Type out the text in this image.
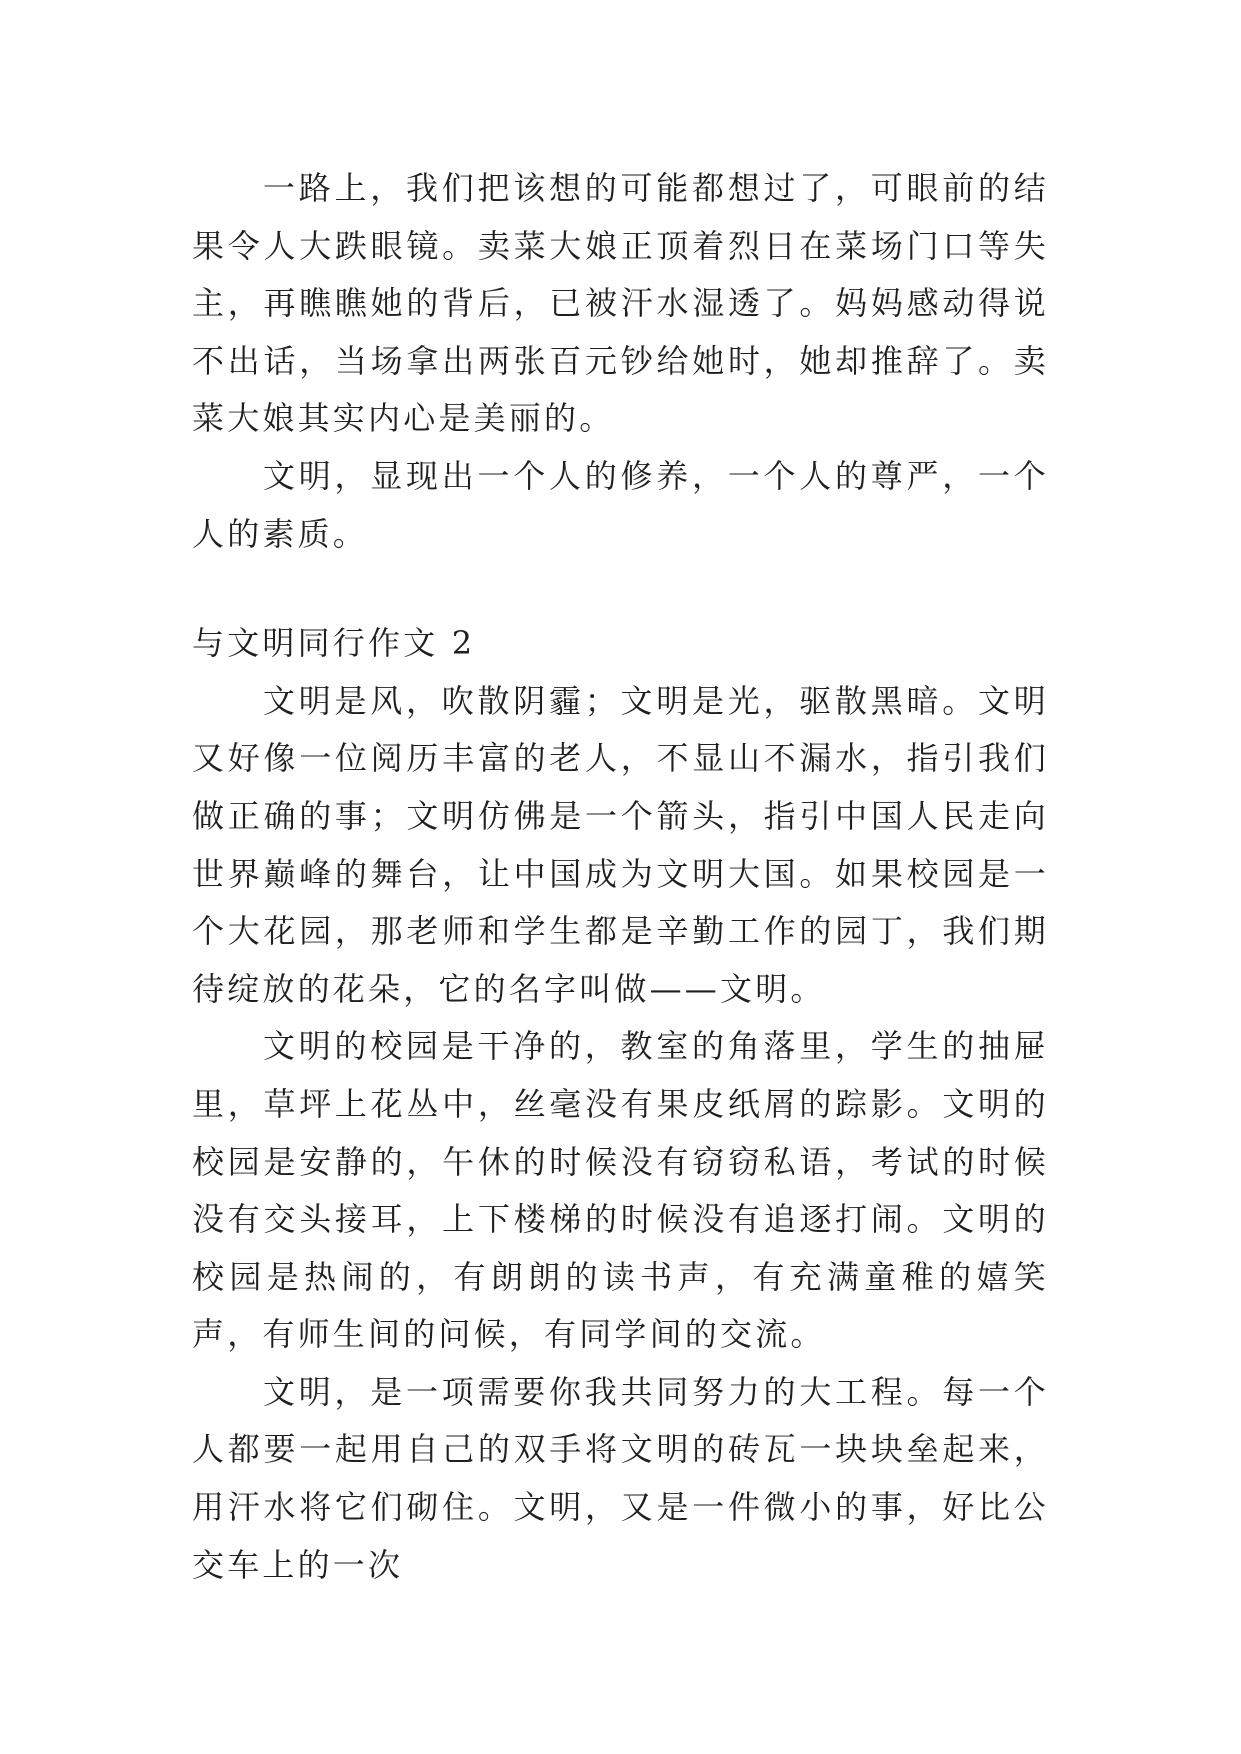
一路上，我们把该想的可能都想过了，可眼前的结果令人大跌眼镜。卖菜大娘正顶着烈日在菜场门口等失主，再瞧瞧她的背后，已被汗水湿透了。妈妈感动得说不出话，当场拿出两张百元钞给她时，她却推辞了。卖菜大娘其实内心是美丽的。

文明，显现出一个人的修养，一个人的尊严，一个人的素质。

与文明同行作文 2

文明是风，吹散阴霾；文明是光，驱散黑暗。文明又好像一位阅历丰富的老人，不显山不漏水，指引我们做正确的事；文明仿佛是一个箭头，指引中国人民走向世界巅峰的舞台，让中国成为文明大国。如果校园是一个大花园，那老师和学生都是辛勤工作的园丁，我们期待绽放的花朵，它的名字叫做——文明。

文明的校园是干净的，教室的角落里，学生的抽屉里，草坪上花丛中，丝毫没有果皮纸屑的踪影。文明的校园是安静的，午休的时候没有窃窃私语，考试的时候没有交头接耳，上下楼梯的时候没有追逐打闹。文明的校园是热闹的，有朗朗的读书声，有充满童稚的嬉笑声，有师生间的问候，有同学间的交流。

文明，是一项需要你我共同努力的大工程。每一个人都要一起用自己的双手将文明的砖瓦一块块垒起来，用汗水将它们砌住。文明，又是一件微小的事，好比公交车上的一次
